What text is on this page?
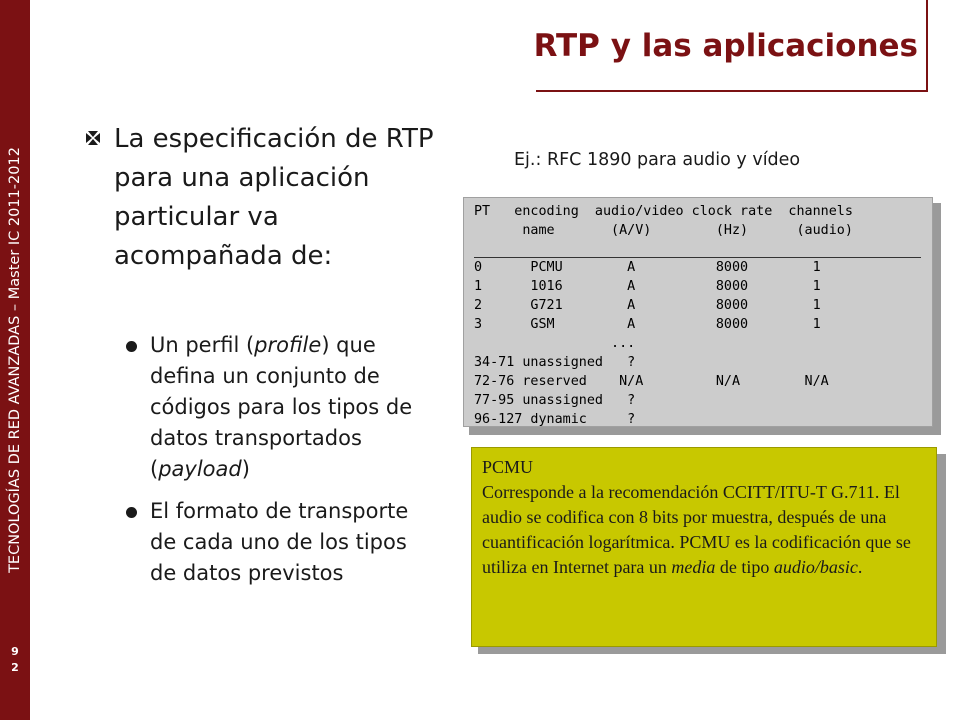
TECNOLOGÍAS DE RED AVANZADAS – Master IC 2011-2012
9
2
RTP y las aplicaciones
La especificación de RTP para una aplicación particular va acompañada de:
Un perfil (profile) que defina un conjunto de códigos para los tipos de datos transportados (payload)
El formato de transporte de cada uno de los tipos de datos previstos
Ej.: RFC 1890 para audio y vídeo
PT   encoding  audio/video clock rate  channels
name       (A/V)        (Hz)      (audio)
0      PCMU        A          8000        1
1      1016        A          8000        1
2      G721        A          8000        1
3      GSM         A          8000        1
...
34-71 unassigned   ?
72-76 reserved    N/A         N/A        N/A
77-95 unassigned   ?
96-127 dynamic     ?
PCMU
Corresponde a la recomendación CCITT/ITU-T G.711. El audio se codifica con 8 bits por muestra, después de una cuantificación logarítmica. PCMU es la codificación que se utiliza en Internet para un media de tipo audio/basic.
